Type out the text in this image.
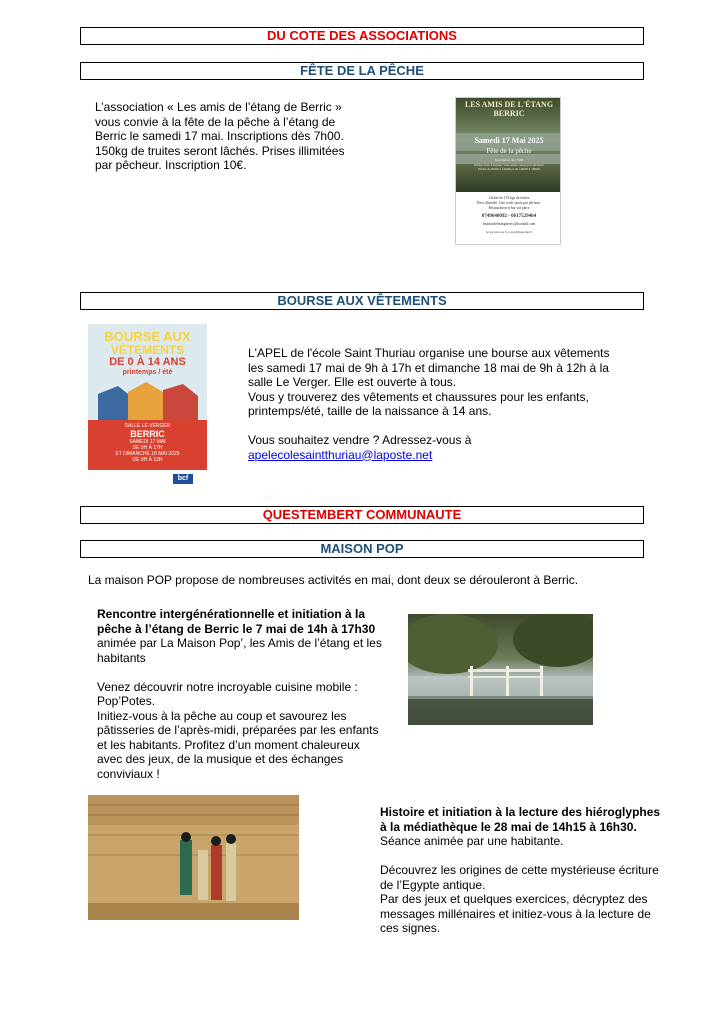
DU COTE DES ASSOCIATIONS
FÊTE DE LA PÊCHE

L’association « Les amis de l’étang de Berric » vous convie à la fête de la pêche à l’étang de Berric le samedi 17 mai. Inscriptions dès 7h00. 150kg de truites seront lâchés. Prises illimitées par pêcheur. Inscription 10€.

LES AMIS DE L'ÉTANG BERRIC
Samedi 17 Mai 2025
Fête de la pêche
Inscription dès 7h00
Pêche avec 2 lignes / une seule canne par pêcheur
Pêche de 8h00 à 12h00 et de 14h00 à 18h00
Lâcher de 150 kgs de truites
Prise illimitée. Une seule canne par pêcheur.
Restauration et bar sur place
0749640092 - 0617529464
lesamisdeletangberric@hotmail.com
ne pas jeter sur la voie publique merci
BOURSE AUX VÊTEMENTS
BOURSE AUX
VÊTEMENTS
DE 0 À 14 ANS
printemps / été
SALLE LE VERGER
BERRIC
SAMEDI 17 MAI
DE 9H À 17H
ET DIMANCHE 18 MAI 2025
DE 9H À 12H
bcf

L'APEL de l'école Saint Thuriau organise une bourse aux vêtements les samedi 17 mai de 9h à 17h et dimanche 18 mai de 9h à 12h à la salle Le Verger. Elle est ouverte à tous.

Vous y trouverez des vêtements et chaussures pour les enfants, printemps/été, taille de la naissance à 14 ans.

Vous souhaitez vendre ? Adressez-vous à

apelecolesaintthuriau@laposte.net

QUESTEMBERT COMMUNAUTE
MAISON POP

La maison POP propose de nombreuses activités en mai, dont deux se dérouleront à Berric.

Rencontre intergénérationnelle et initiation à la pêche à l’étang de Berric le 7 mai de 14h à 17h30

animée par La Maison Pop’, les Amis de l’étang et les habitants

Venez découvrir notre incroyable cuisine mobile : Pop’Potes.

Initiez-vous à la pêche au coup et savourez les pâtisseries de l’après-midi, préparées par les enfants et les habitants. Profitez d’un moment chaleureux avec des jeux, de la musique et des échanges conviviaux !

Histoire et initiation à la lecture des hiéroglyphes à la médiathèque le 28 mai de 14h15 à 16h30.

Séance animée par une habitante.

Découvrez les origines de cette mystérieuse écriture de l’Egypte antique.

Par des jeux et quelques exercices, décryptez des messages millénaires et initiez-vous à la lecture de ces signes.
